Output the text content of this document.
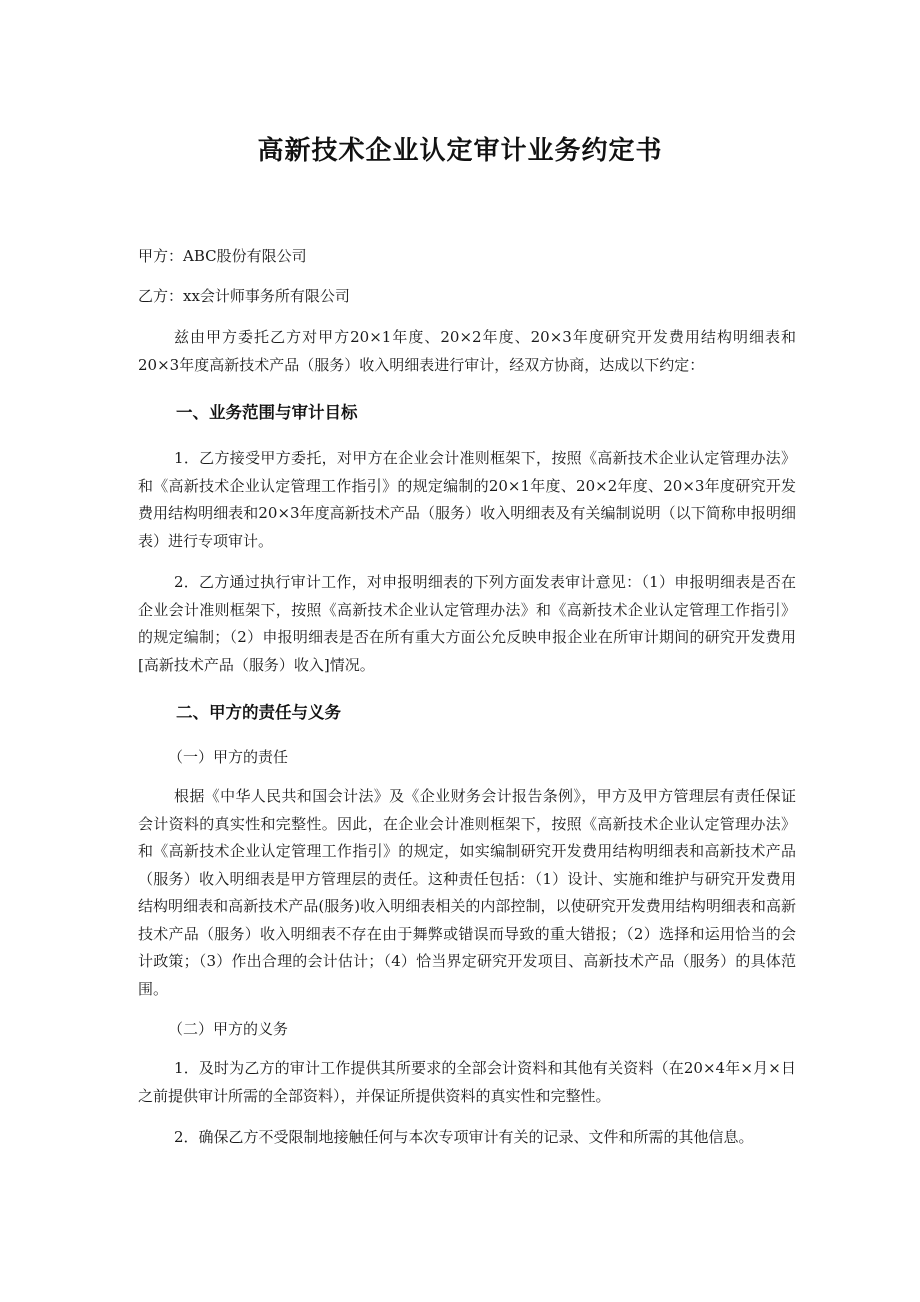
高新技术企业认定审计业务约定书
甲方：ABC股份有限公司
乙方：xx会计师事务所有限公司

兹由甲方委托乙方对甲方20×1年度、20×2年度、20×3年度研究开发费用结构明细表和20×3年度高新技术产品（服务）收入明细表进行审计，经双方协商，达成以下约定：

一、业务范围与审计目标

1．乙方接受甲方委托，对甲方在企业会计准则框架下，按照《高新技术企业认定管理办法》和《高新技术企业认定管理工作指引》的规定编制的20×1年度、20×2年度、20×3年度研究开发费用结构明细表和20×3年度高新技术产品（服务）收入明细表及有关编制说明（以下简称申报明细表）进行专项审计。

2．乙方通过执行审计工作，对申报明细表的下列方面发表审计意见：（1）申报明细表是否在企业会计准则框架下，按照《高新技术企业认定管理办法》和《高新技术企业认定管理工作指引》的规定编制；（2）申报明细表是否在所有重大方面公允反映申报企业在所审计期间的研究开发费用[高新技术产品（服务）收入]情况。

二、甲方的责任与义务

（一）甲方的责任

根据《中华人民共和国会计法》及《企业财务会计报告条例》，甲方及甲方管理层有责任保证会计资料的真实性和完整性。因此，在企业会计准则框架下，按照《高新技术企业认定管理办法》和《高新技术企业认定管理工作指引》的规定，如实编制研究开发费用结构明细表和高新技术产品（服务）收入明细表是甲方管理层的责任。这种责任包括：（1）设计、实施和维护与研究开发费用结构明细表和高新技术产品(服务)收入明细表相关的内部控制，以使研究开发费用结构明细表和高新技术产品（服务）收入明细表不存在由于舞弊或错误而导致的重大错报；（2）选择和运用恰当的会计政策；（3）作出合理的会计估计；（4）恰当界定研究开发项目、高新技术产品（服务）的具体范围。

（二）甲方的义务

1．及时为乙方的审计工作提供其所要求的全部会计资料和其他有关资料（在20×4年×月×日之前提供审计所需的全部资料），并保证所提供资料的真实性和完整性。

2．确保乙方不受限制地接触任何与本次专项审计有关的记录、文件和所需的其他信息。
